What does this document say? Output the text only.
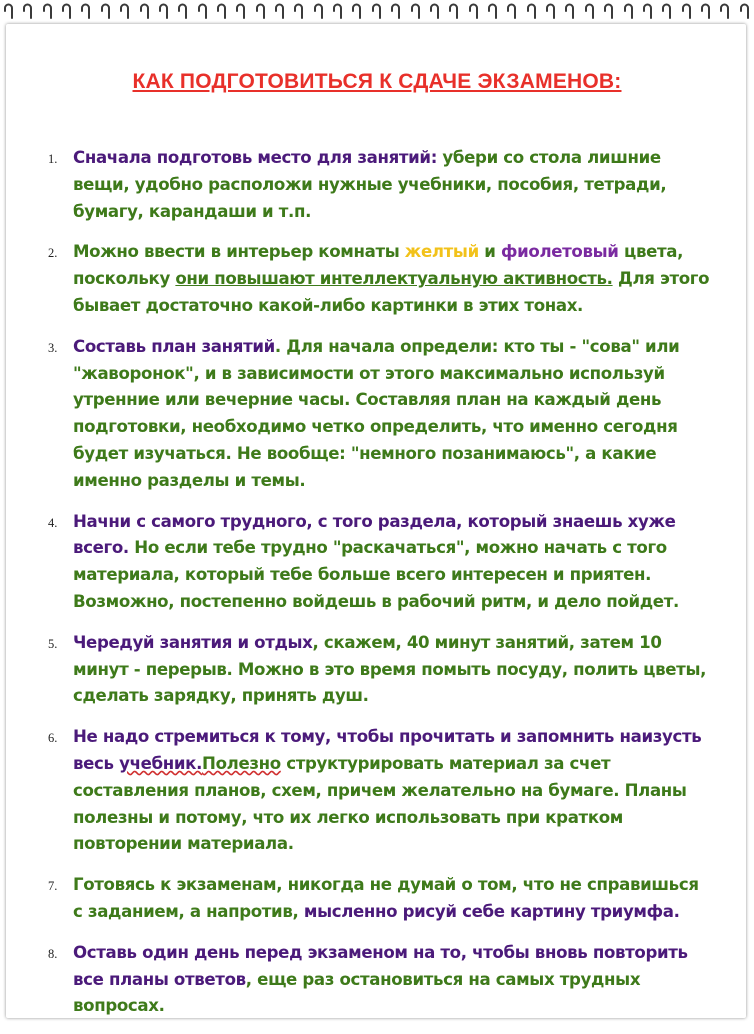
КАК ПОДГОТОВИТЬСЯ К СДАЧЕ ЭКЗАМЕНОВ:
1. Сначала подготовь место для занятий: убери со стола лишние вещи, удобно расположи нужные учебники, пособия, тетради, бумагу, карандаши и т.п.
2. Можно ввести в интерьер комнаты желтый и фиолетовый цвета, поскольку они повышают интеллектуальную активность. Для этого бывает достаточно какой-либо картинки в этих тонах.
3. Составь план занятий. Для начала определи: кто ты - "сова" или "жаворонок", и в зависимости от этого максимально используй утренние или вечерние часы. Составляя план на каждый день подготовки, необходимо четко определить, что именно сегодня будет изучаться. Не вообще: "немного позанимаюсь", а какие именно разделы и темы.
4. Начни с самого трудного, с того раздела, который знаешь хуже всего. Но если тебе трудно "раскачаться", можно начать с того материала, который тебе больше всего интересен и приятен. Возможно, постепенно войдешь в рабочий ритм, и дело пойдет.
5. Чередуй занятия и отдых, скажем, 40 минут занятий, затем 10 минут - перерыв. Можно в это время помыть посуду, полить цветы, сделать зарядку, принять душ.
6. Не надо стремиться к тому, чтобы прочитать и запомнить наизусть весь учебник.Полезно структурировать материал за счет составления планов, схем, причем желательно на бумаге. Планы полезны и потому, что их легко использовать при кратком повторении материала.
7. Готовясь к экзаменам, никогда не думай о том, что не справишься с заданием, а напротив, мысленно рисуй себе картину триумфа.
8. Оставь один день перед экзаменом на то, чтобы вновь повторить все планы ответов, еще раз остановиться на самых трудных вопросах.
